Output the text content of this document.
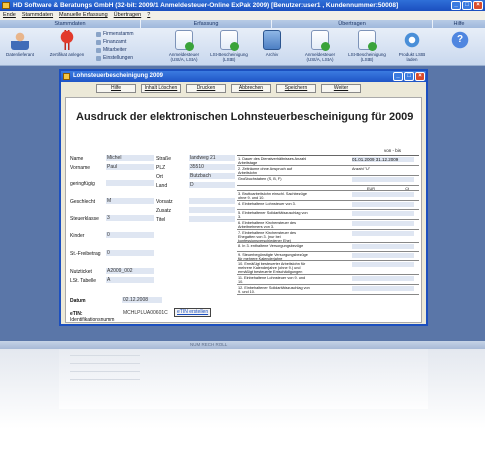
HD Software & Beratungs GmbH (32-bit: 2009/1 Anmeldesteuer-Online ExPak 2009) [Benutzer:user1 , Kundennummer:50008]	_	□	×
Ende Stammdaten Manuelle Erfassung Übertragen ?
Stammdaten	Erfassung	Übertragen	Hilfe
Datenlieferant	Zertifikat anlegen
Firmenstamm
Finanzamt
Mitarbeiter
Einstellungen
Anmeldesteuer (USt/A, LStA)
LSt-Bescheinigung (LStB)
Archiv	Anmeldesteuer (USt/A, LStA)
LSt-Bescheinigung (LStB)
Produkt LStB laden
?
Lohnsteuerbescheinigung 2009	_	□	×
Hilfe	Inhalt Löschen	Drucken	Abbrechen	Speichern	Weiter
Ausdruck der elektronischen Lohnsteuerbescheinigung für 2009
Name	Michel
Vorname	Paul
geringfügig
Geschlecht M
Steuerklasse 3
Kinder	0
St.-Freibetrag 0
Nutzticket	A2009_002
LSt. Tabelle A
Datum	02.12.2008
eTIN:
Identifikationsnumm
MCHLPLUA00601C	eTIN erstellen
Straße	landweg 21
PLZ	35510
Ort	Butzbach
Land	D
Vorsatz
Zusatz
Titel
von - bis
1. Dauer des Dienstverhältnisses Anzahl Arbeitstage
01.01.2009 31.12.2009
2. Zeiträume ohne Anspruch auf Arbeitslohn
Anzahl "U"
Großbuchstaben (S, B, F)
EUR	Ct
3. Bruttoarbeitslohn einschl. Sachbezüge ohne 9. und 10.
4. Einbehaltene Lohnsteuer von 3.
5. Einbehaltener Solidaritätszuschlag von 3.
6. Einbehaltene Kirchensteuer des Arbeitnehmers von 3.
7. Einbehaltene Kirchensteuer des Ehegatten von 3. (nur bei konfessionsverschiedener Ehe)
8. In 3. enthaltene Versorgungsbezüge
9. Steuerbegünstigte Versorgungsbezüge für mehrere Kalenderjahre
10. Ermäßigt besteuerter Arbeitslohn für mehrere Kalenderjahre (ohne 9.) und ermäßigt besteuerte Entschädigungen
11. Einbehaltene Lohnsteuer von 9. und 10.
12. Einbehaltener Solidaritätszuschlag von 9. und 10.
NUM RECH ROLL
